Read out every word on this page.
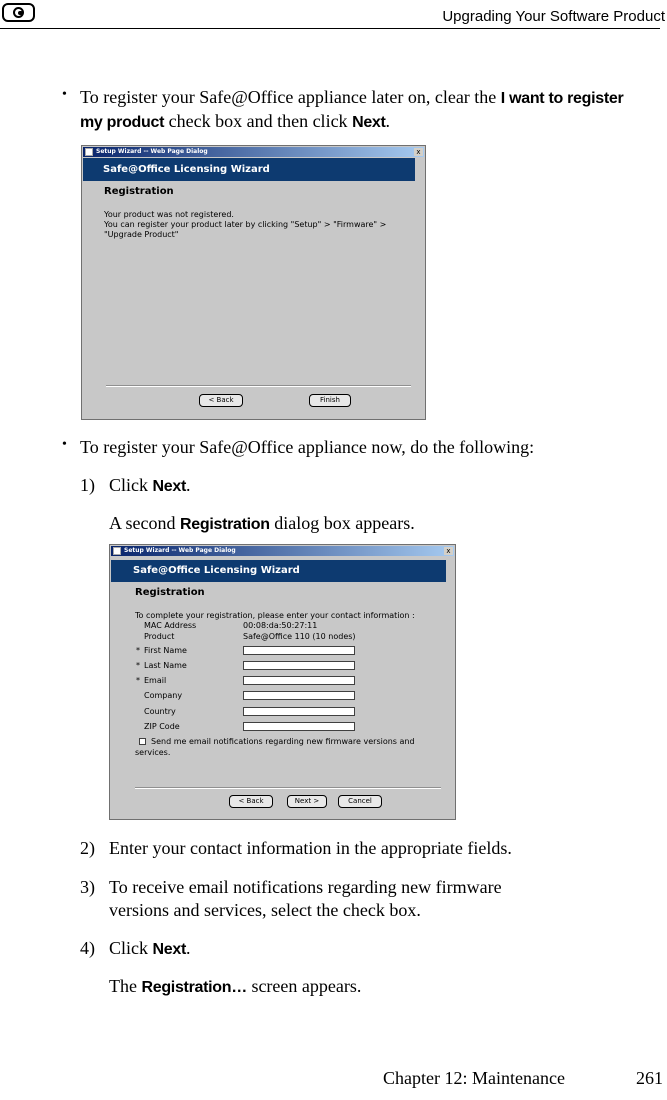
Upgrading Your Software Product
• To register your Safe@Office appliance later on, clear the I want to register my product check box and then click Next.
Setup Wizard -- Web Page Dialog	x
Safe@Office Licensing Wizard
Registration
Your product was not registered.
You can register your product later by clicking "Setup" > "Firmware" >
"Upgrade Product"
< Back	Finish
• To register your Safe@Office appliance now, do the following:
1) Click Next.
A second Registration dialog box appears.
Setup Wizard -- Web Page Dialog	x
Safe@Office Licensing Wizard
Registration
To complete your registration, please enter your contact information :
MAC Address	00:08:da:50:27:11
Product	Safe@Office 110 (10 nodes)
* First Name
* Last Name
* Email
Company
Country
ZIP Code
Send me email notifications regarding new firmware versions and
services.
< Back	Next >	Cancel
2) Enter your contact information in the appropriate fields.
3) To receive email notifications regarding new firmware
versions and services, select the check box.
4) Click Next.
The Registration… screen appears.
Chapter 12: Maintenance	261
